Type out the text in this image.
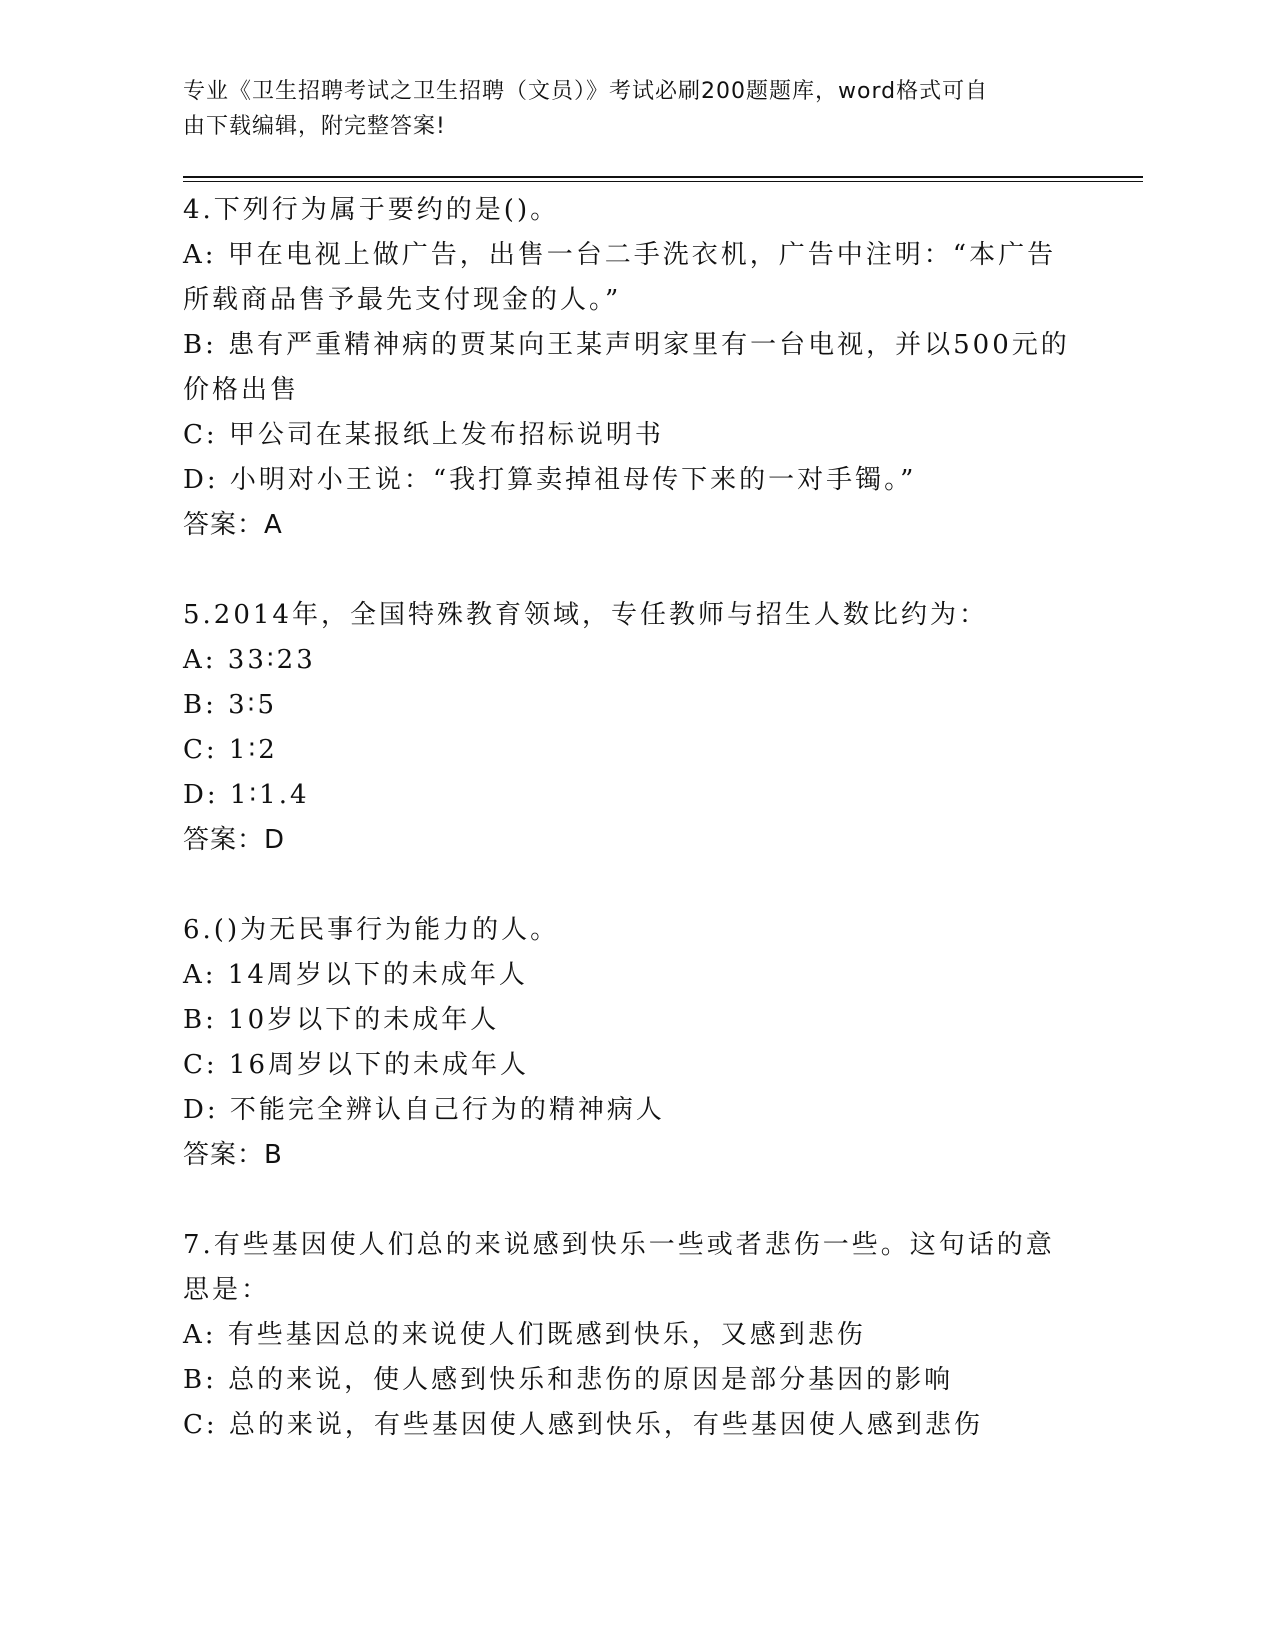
专业《卫生招聘考试之卫生招聘（文员）》考试必刷200题题库，word格式可自
由下载编辑，附完整答案!
4.下列行为属于要约的是()。
A: 甲在电视上做广告，出售一台二手洗衣机，广告中注明：“本广告
所载商品售予最先支付现金的人。”
B: 患有严重精神病的贾某向王某声明家里有一台电视，并以500元的
价格出售
C: 甲公司在某报纸上发布招标说明书
D: 小明对小王说：“我打算卖掉祖母传下来的一对手镯。”
答案：A
5.2014年，全国特殊教育领域，专任教师与招生人数比约为：
A: 33∶23
B: 3∶5
C: 1∶2
D: 1∶1.4
答案：D
6.()为无民事行为能力的人。
A: 14周岁以下的未成年人
B: 10岁以下的未成年人
C: 16周岁以下的未成年人
D: 不能完全辨认自己行为的精神病人
答案：B
7.有些基因使人们总的来说感到快乐一些或者悲伤一些。这句话的意
思是：
A: 有些基因总的来说使人们既感到快乐，又感到悲伤
B: 总的来说，使人感到快乐和悲伤的原因是部分基因的影响
C: 总的来说，有些基因使人感到快乐，有些基因使人感到悲伤
